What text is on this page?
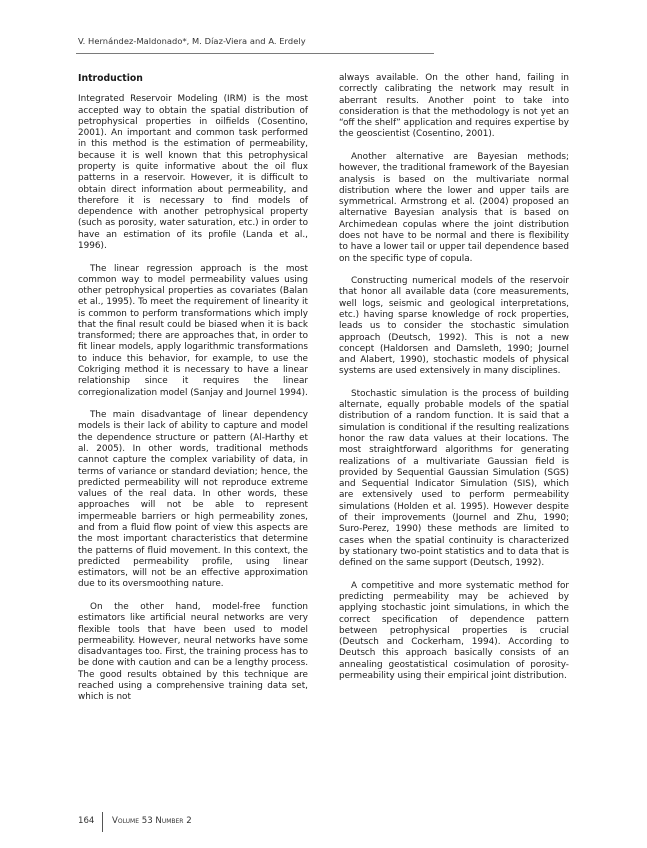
V. Hernández-Maldonado*, M. Díaz-Viera and A. Erdely
Introduction

Integrated Reservoir Modeling (IRM) is the most accepted way to obtain the spatial distribution of petrophysical properties in oilfields (Cosentino, 2001). An important and common task performed in this method is the estimation of permeability, because it is well known that this petrophysical property is quite informative about the oil flux patterns in a reservoir. However, it is difficult to obtain direct information about permeability, and therefore it is necessary to find models of dependence with another petrophysical property (such as porosity, water saturation, etc.) in order to have an estimation of its profile (Landa et al., 1996).

The linear regression approach is the most common way to model permeability values using other petrophysical properties as covariates (Balan et al., 1995). To meet the requirement of linearity it is common to perform transformations which imply that the final result could be biased when it is back transformed; there are approaches that, in order to fit linear models, apply logarithmic transformations to induce this behavior, for example, to use the Cokriging method it is necessary to have a linear relationship since it requires the linear corregionalization model (Sanjay and Journel 1994).

The main disadvantage of linear dependency models is their lack of ability to capture and model the dependence structure or pattern (Al-Harthy et al. 2005). In other words, traditional methods cannot capture the complex variability of data, in terms of variance or standard deviation; hence, the predicted permeability will not reproduce extreme values of the real data. In other words, these approaches will not be able to represent impermeable barriers or high permeability zones, and from a fluid flow point of view this aspects are the most important characteristics that determine the patterns of fluid movement. In this context, the predicted permeability profile, using linear estimators, will not be an effective approximation due to its oversmoothing nature.

On the other hand, model-free function estimators like artificial neural networks are very flexible tools that have been used to model permeability. However, neural networks have some disadvantages too. First, the training process has to be done with caution and can be a lengthy process. The good results obtained by this technique are reached using a comprehensive training data set, which is not

always available. On the other hand, failing in correctly calibrating the network may result in aberrant results. Another point to take into consideration is that the methodology is not yet an “off the shelf” application and requires expertise by the geoscientist (Cosentino, 2001).

Another alternative are Bayesian methods; however, the traditional framework of the Bayesian analysis is based on the multivariate normal distribution where the lower and upper tails are symmetrical. Armstrong et al. (2004) proposed an alternative Bayesian analysis that is based on Archimedean copulas where the joint distribution does not have to be normal and there is flexibility to have a lower tail or upper tail dependence based on the specific type of copula.

Constructing numerical models of the reservoir that honor all available data (core measurements, well logs, seismic and geological interpretations, etc.) having sparse knowledge of rock properties, leads us to consider the stochastic simulation approach (Deutsch, 1992). This is not a new concept (Haldorsen and Damsleth, 1990; Journel and Alabert, 1990), stochastic models of physical systems are used extensively in many disciplines.

Stochastic simulation is the process of building alternate, equally probable models of the spatial distribution of a random function. It is said that a simulation is conditional if the resulting realizations honor the raw data values at their locations. The most straightforward algorithms for generating realizations of a multivariate Gaussian field is provided by Sequential Gaussian Simulation (SGS) and Sequential Indicator Simulation (SIS), which are extensively used to perform permeability simulations (Holden et al. 1995). However despite of their improvements (Journel and Zhu, 1990; Suro-Perez, 1990) these methods are limited to cases when the spatial continuity is characterized by stationary two-point statistics and to data that is defined on the same support (Deutsch, 1992).

A competitive and more systematic method for predicting permeability may be achieved by applying stochastic joint simulations, in which the correct specification of dependence pattern between petrophysical properties is crucial (Deutsch and Cockerham, 1994). According to Deutsch this approach basically consists of an annealing geostatistical cosimulation of porosity-permeability using their empirical joint distribution.

164 Volume 53 Number 2
